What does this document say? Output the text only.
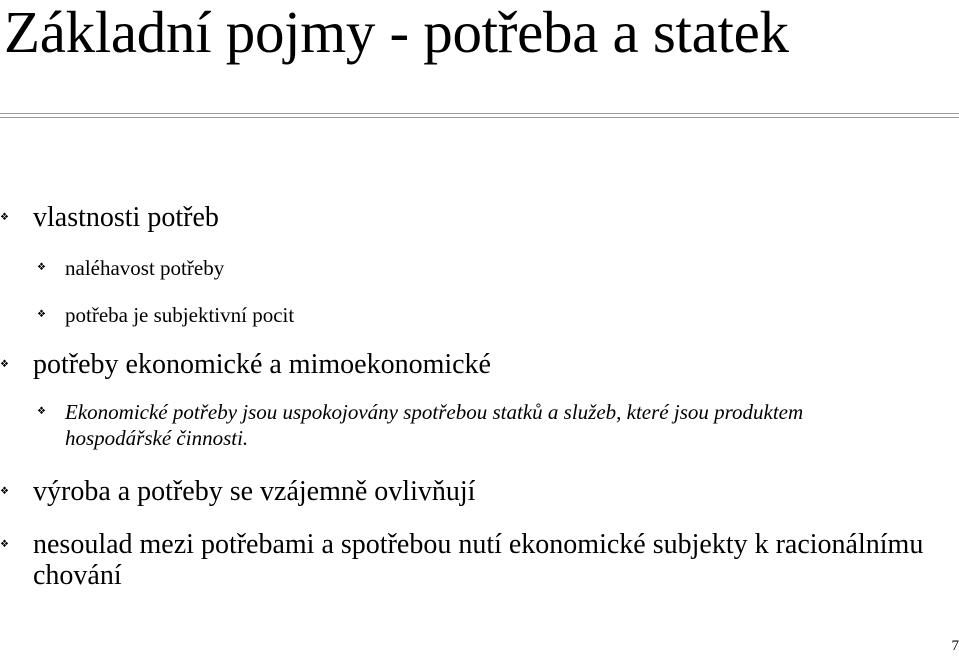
Základní pojmy - potřeba a statek
❖ vlastnosti potřeb
❖ naléhavost potřeby
❖ potřeba je subjektivní pocit
❖ potřeby ekonomické a mimoekonomické
❖ Ekonomické potřeby jsou uspokojovány spotřebou statků a služeb, které jsou produktem hospodářské činnosti.
❖ výroba a potřeby se vzájemně ovlivňují
❖ nesoulad mezi potřebami a spotřebou nutí ekonomické subjekty k racionálnímu chování
7
